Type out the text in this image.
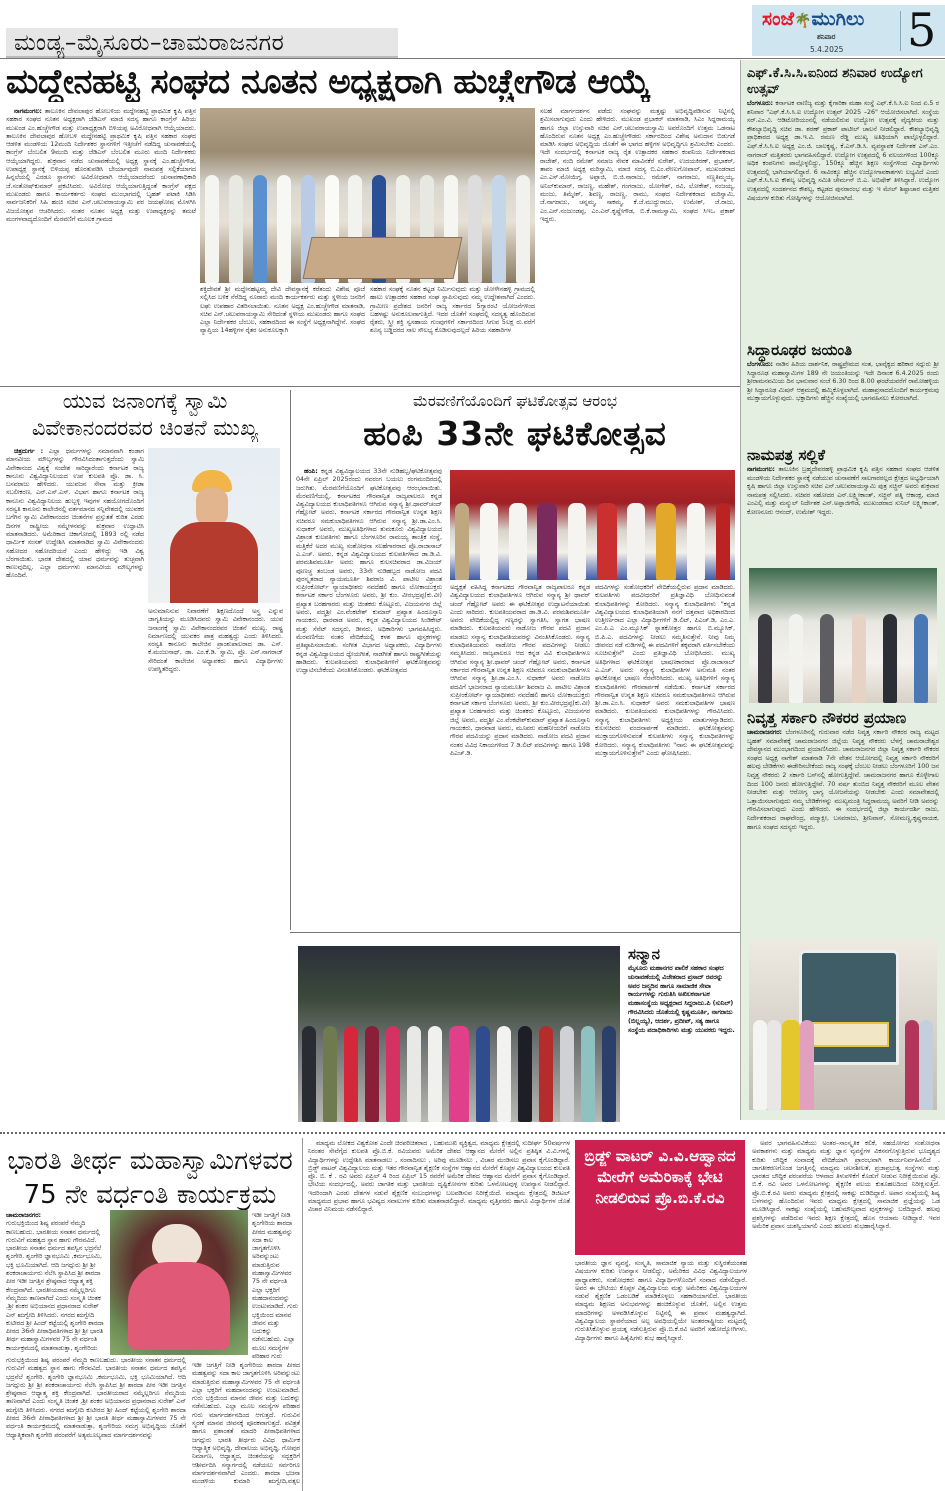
ಮಂಡ್ಯ–ಮೈಸೂರು–ಚಾಮರಾಜನಗರ
ಸಂಜೆ🌴ಮುಗಿಲು
ಶನಿವಾರ
5.4.2025 5
ಮದ್ದೇನಹಟ್ಟಿ ಸಂಘದ ನೂತನ ಅಧ್ಯಕ್ಷರಾಗಿ ಹುಚ್ಚೇಗೌಡ ಆಯ್ಕೆ

ನಾಗಮಂಗಲ: ತಾಲೂಕಿನ ದೇವಲಾಪುರ ಹೋಬಳಿಯ ಮದ್ದೇನಹಟ್ಟಿ ಪ್ರಾಥಮಿಕ ಕೃಷಿ ಪತ್ತಿನ ಸಹಕಾರ ಸಂಘದ ನೂತನ ಅಧ್ಯಕ್ಷರಾಗಿ ಜೆಡಿಎಸ್ ಮಾಜಿ ಸದಸ್ಯ ಹಾಗೂ ಕಾಂಗ್ರೆಸ್ ಹಿರಿಯ ಮುಖಂಡ ಎಂ.ಹುಚ್ಚೇಗೌಡ ಮತ್ತು ಉಪಾಧ್ಯಕ್ಷರಾಗಿ ಬಿಳಿಯಪ್ಪ ಅವಿರೋಧವಾಗಿ ಆಯ್ಕೆಯಾದರು. ತಾಲೂಕಿನ ದೇವಲಾಪುರ ಹೋಬಳಿ ಮದ್ದೇನಹಟ್ಟಿ ಪ್ರಾಥಮಿಕ ಕೃಷಿ ಪತ್ತಿನ ಸಹಕಾರ ಸಂಘದ ಆಡಳಿತ ಮಂಡಳಿಯ 12ಮಂದಿ ನಿರ್ದೇಶಕರ ಸ್ಥಾನಗಳಿಗೆ ಇತ್ತೀಚೆಗೆ ನಡೆದಿದ್ದ ಚುನಾವಣೆಯಲ್ಲಿ ಕಾಂಗ್ರೆಸ್ ಬೆಂಬಲಿತ 9ಮಂದಿ ಮತ್ತು ಜೆಡಿಎಸ್ ಬೆಂಬಲಿತ ಮೂರು ಮಂದಿ ನಿರ್ದೇಶಕರು ಆಯ್ಕೆಯಾಗಿದ್ದರು. ಶುಕ್ರವಾರ ನಡೆದ ಚುನಾವಣೆಯಲ್ಲಿ ಅಧ್ಯಕ್ಷ ಸ್ಥಾನಕ್ಕೆ ಎಂ.ಹುಚ್ಚೇಗೌಡ, ಉಪಾಧ್ಯಕ್ಷ ಸ್ಥಾನಕ್ಕೆ ಬಿಳಿಯಪ್ಪ ಹೊರತುಪಡಿಸಿ ಬೇರ್ಯಾವುದೇ ನಾಮಪತ್ರ ಸಲ್ಲಿಕೆಯಾಗದ ಹಿನ್ನಲೆಯಲ್ಲಿ ಎರಡೂ ಸ್ಥಾನಗಳು ಅವಿರೋಧವಾಗಿ ಆಯ್ಕೆಯಾದರೆಂದು ಚುನಾವಣಾಧಿಕಾರಿ ಜೆ.ಸಂತೋಷ್‌ಕುಮಾರ್ ಪ್ರಕಟಿಸಿದರು. ಅವಿರೋಧ ಆಯ್ಕೆಯಾಗುತ್ತಿದ್ದಂತೆ ಕಾಂಗ್ರೆಸ್ ಪಕ್ಷದ ಮುಖಂಡರು ಹಾಗೂ ಕಾರ್ಯಕರ್ತರು ಸಂಘದ ಮುಂಭಾಗದಲ್ಲಿ ಬೃಹತ್ ಪಟಾಕಿ ಸಿಡಿಸಿ ಸಾರ್ವಜನಿಕರಿಗೆ ಸಿಹಿ ಹಂಚಿ ಸಚಿವ ಎನ್.ಚಲುವರಾಯಸ್ವಾಮಿ ಪರ ಜಯಘೋಷ ಮೊಳಗಿಸಿ ವಿಜಯೋತ್ಸವ ಆಚರಿಸಿದರು. ನಂತರ ನೂತನ ಅಧ್ಯಕ್ಷ ಮತ್ತು ಉಪಾಧ್ಯಕ್ಷರನ್ನು ತಮಟೆ ಮಂಗಳವಾದ್ಯದೊಂದಿಗೆ ಮೆರವಣಿಗೆ ಮೂಲಕ ಗ್ರಾಮದ

ಶಕ್ತಿದೇವತೆ ಶ್ರೀ ಮದ್ದೇನಹಟ್ಟಮ್ಮ ದೇವಿ ದೇವಸ್ಥಾನಕ್ಕೆ ಕರೆತಂದು ವಿಶೇಷ ಪೂಜೆ ಸಲ್ಲಿಸಿದ ಬಳಿಕ ನೆರೆದಿದ್ದ ನೂರಾರು ಮಂದಿ ಕಾರ್ಯಕರ್ತರು ಮತ್ತು ಸ್ಥಳೀಯ ಜನರಿಗೆ ಲಘು ಉಪಹಾರ ವಿತರಿಸಲಾಯಿತು. ನೂತನ ಅಧ್ಯಕ್ಷ ಎಂ.ಹುಚ್ಚೇಗೌಡ ಮಾತನಾಡಿ, ಸಚಿವ ಎನ್.ಚಲುವರಾಯಸ್ವಾಮಿ ಸೇರಿದಂತೆ ಸ್ಥಳೀಯ ಮುಖಂಡರು ಹಾಗೂ ಸಂಘದ ಎಲ್ಲಾ ನಿರ್ದೇಶಕರ ಬೆಂಬಲ, ಸಹಕಾರದಿಂದ ಈ ಸಂಸ್ಥೆಗೆ ಅಧ್ಯಕ್ಷನಾಗಿದ್ದೇನೆ. ಸಂಘದ ವ್ಯಾಪ್ತಿಯ 14ಹಳ್ಳಿಗಳ ರೈತರ ಅನುಕೂಲಕ್ಕಾಗಿ
ಸಹಕಾರ ಸಂಘಕ್ಕೆ ನೂತನ ಕಟ್ಟಡ ನಿರ್ಮಿಸುವುದು ಮತ್ತು ಚೋಳೇನಹಳ್ಳಿ ಗ್ರಾಮದಲ್ಲಿ ಹಾಲು ಉತ್ಪಾದಕರ ಸಹಕಾರ ಸಂಘ ಸ್ಥಾಪಿಸುವುದು ನಮ್ಮ ಉದ್ದೇಶವಾಗಿದೆ ಎಂದರು. ಗ್ರಾಮೀಣ ಪ್ರದೇಶದ ಜನರಿಗೆ ರಾಜ್ಯ ಸರ್ಕಾರದ 5ಗ್ಯಾರಂಟಿ ಯೋಜನೆಗಳಿಂದ ಬಹಳಷ್ಟು ಅನುಕೂಲವಾಗುತ್ತಿದೆ. ಇದರ ಜೊತೆಗೆ ಸಂಘದಲ್ಲಿ ಸದಸ್ಯತ್ವ ಹೊಂದಿರುವ ರೈತರು, ಸ್ತ್ರೀ ಶಕ್ತಿ ಸ್ವಸಹಾಯ ಗುಂಪುಗಳಿಗೆ ಸರ್ಕಾರದಿಂದ ಸಿಗುವ 5ಲಕ್ಷ ರು.ವರೆಗೆ ಶೂನ್ಯ ಬಡ್ಡಿದರದ ಸಾಲ ಸೌಲಭ್ಯ ಕೊಡಿಸುವುದಲ್ಲದೆ ಹಿರಿಯ ಸಹಕಾರಿಗಳ
ಸಲಹೆ ಮಾರ್ಗದರ್ಶನ ಪಡೆದು ಸಂಘವನ್ನು ಮತ್ತಷ್ಟು ಅಭಿವೃದ್ಧಿಪಡಿಸುವ ನಿಟ್ಟಿನಲ್ಲಿ ಶ್ರಮಿಸಲಾಗುವುದು ಎಂದು ಹೇಳಿದರು. ಮುಖಂಡ ಪ್ರಭಾಕರ್ ಮಾತನಾಡಿ, ಸಿಎಂ ಸಿದ್ದರಾಮಯ್ಯ ಹಾಗೂ ಜಿಲ್ಲಾ ಉಸ್ತುವಾರಿ ಸಚಿವ ಎನ್.ಚಲುವರಾಯಸ್ವಾಮಿ ಅವರೊಂದಿಗೆ ಉತ್ತಮ ಒಡನಾಟ ಹೊಂದಿರುವ ನೂತನ ಅಧ್ಯಕ್ಷ ಎಂ.ಹುಚ್ಚೇಗೌಡರು ಸರ್ಕಾರದಿಂದ ವಿಶೇಷ ಅನುದಾನ ಬಿಡುಗಡೆ ಮಾಡಿಸಿ ಸಂಘದ ಅಭಿವೃದ್ಧಿಯ ಜೊತೆಗೆ ಈ ಭಾಗದ ಹಳ್ಳಿಗಳ ಅಭಿವೃದ್ಧಿಗೂ ಶ್ರಮಿಸಬೇಕು ಎಂದರು. ಇದೇ ಸಂದರ್ಭದಲ್ಲಿ ಕರ್ನಾಟಕ ರಾಜ್ಯ ರೈತ ಉತ್ಪಾದಕರ ಸಹಕಾರ ಕಂಪನಿಯ ನಿರ್ದೇಶಕರಾದ ರಾಜೇಶ್, ನಂದಿ ರಮೇಶ್ ಸಮಾಜ ಸೇವಕ ಮಾವಿನಕೆರೆ ಸುರೇಶ್, ಉದಯಕಿರಣ್, ಪ್ರಭಾಕರ್, ತಾಪಂ ಮಾಜಿ ಅಧ್ಯಕ್ಷ ಮರಿಸ್ವಾಮಿ, ಮಾಜಿ ಸದಸ್ಯ ಬಿ.ಎಂ.ವೇಣುಗೋಪಾಲ್, ಮುಖಂಡರಾದ ಎಂ.ಎಸ್.ಮೋಯಿಗ್ಗ, ಅಪ್ಪಾಜಿ, ಬಿ.ಜಿ.ನಾರಾಜು, ರಮೇಶ್, ನಾಗರಾಜು, ಸಣ್ಣತಿಮ್ಮಯ್ಯ, ಅನಿಲ್‌ಕುಮಾರ್, ರಾಜಣ್ಣ, ಮಹೇಶ್, ಗಂಗರಾಜು, ಯೋಗೇಶ್, ರವಿ, ಲೋಕೇಶ್, ನಂಜಯ್ಯ, ಮಂಜು, ತಿಮ್ಮೇಶ್, ಶಿವಣ್ಣ, ರಾಜಣ್ಣ, ರಾಮು, ಸಂಘದ ನಿರ್ದೇಶಕರಾದ ಮರಿಸ್ವಾಮಿ, ಜೆ.ನಾಗರಾಜು, ಚನ್ನಮ್ಮ, ಸಾಕಮ್ಮ, ಕೆ.ಜೆ.ಮುದ್ದುರಾಜು, ಉಮೇಶ್, ಜೆ.ರಾಜು, ಎಂ.ಎನ್.ನಂಜುಂಡಪ್ಪ, ಎಂ.ಎನ್.ಕೃಷ್ಣೇಗೌಡ, ಬಿ.ಕೆ.ರಾಮಸ್ವಾಮಿ, ಸಂಘದ ಸಿಇಒ ಪ್ರಕಾಶ್ ಇದ್ದರು.
ಎಫ್.ಕೆ.ಸಿ.ಸಿ.ಐನಿಂದ ಶನಿವಾರ ಉದ್ಯೋಗ ಉತ್ಸವ್
ಬೆಂಗಳೂರು: ಕರ್ನಾಟಕ ವಾಣಿಜ್ಯ ಮತ್ತು ಕೈಗಾರಿಕಾ ಮಹಾ ಸಂಸ್ಥೆ ಎಫ್.ಕೆ.ಸಿ.ಸಿ.ಐ ನಿಂದ ಏ.5 ರ ಶನಿವಾರ "ಎಫ್.ಕೆ.ಸಿ.ಸಿ.ಐ ಉದ್ಯೋಗ ಉತ್ಸವ್ 2025 –26" ಆಯೋಜಿಸಲಾಗಿದೆ. ಸಂಸ್ಥೆಯ ಸರ್.ಎಂ.ವಿ. ಆಡಿಟೋರಿಯಂನಲ್ಲಿ ನಡೆಯಲಿರುವ ಉದ್ಯೋಗ ಉತ್ಸವಕ್ಕೆ ವೈದ್ಯಕೀಯ ಮತ್ತು ಕೌಶಲ್ಯಾಭಿವೃದ್ಧಿ ಸಚಿವ ಡಾ. ಶರಣ್ ಪ್ರಕಾಶ್ ಪಾಟೀಲ್ ಚಾಲನೆ ನೀಡಲಿದ್ದಾರೆ. ಕೌಶಲ್ಯಾಭಿವೃದ್ಧಿ ಪ್ರಾಧಿಕಾರದ ಅಧ್ಯಕ್ಷ ಡಾ.ಇ.ವಿ. ರಮಣ ರೆಡ್ಡಿ ಮುಖ್ಯ ಅತಿಥಿಯಾಗಿ ಪಾಲ್ಗೊಳ್ಳಲಿದ್ದಾರೆ. ಎಫ್.ಕೆ.ಸಿ.ಸಿ.ಐ ಅಧ್ಯಕ್ಷ ಎಂ.ಜಿ. ಬಾಲಕೃಷ್ಣ, ಕೆ.ಎಸ್.ಡಿ.ಸಿ. ವ್ಯವಸ್ಥಾಪಕ ನಿರ್ದೇಶಕ ಎಸ್.ಎಂ. ನಾಗರಾಜ್ ಮತ್ತಿತರರು ಭಾಗವಹಿಸಲಿದ್ದಾರೆ. ಉದ್ಯೋಗ ಉತ್ಸವದಲ್ಲಿ 6 ವಲಯಗಳಿಂದ 100ಕ್ಕೂ ಅಧಿಕ ಕಂಪನಿಗಳು ಪಾಲ್ಗೊಳ್ಳಲಿದ್ದು, 150ಕ್ಕೂ ಹೆಚ್ಚಿನ ಶಿಕ್ಷಣ ಸಂಸ್ಥೆಗಳಿಂದ ವಿದ್ಯಾರ್ಥಿಗಳು ಉತ್ಸವದಲ್ಲಿ ಭಾಗಿಯಾಗಲಿದ್ದಾರೆ. 6 ಸಾವಿರಕ್ಕೂ ಹೆಚ್ಚಿನ ಉದ್ಯೋಗಾವಕಾಶಗಳು ಲಭ್ಯವಿದೆ ಎಂದು ಎಫ್.ಕೆ.ಸಿ.ಸಿ.ಐ ಕೌಶಲ್ಯ ಅಭಿವೃದ್ಧಿ ಸಮಿತಿ ಚೇರ್ಮನ್ ಬಿ.ಎ. ಅಭಿಷೇಕ್ ತಿಳಿಸಿದ್ದಾರೆ. ಉದ್ಯೋಗ ಉತ್ಸವದಲ್ಲಿ ಸಂದರ್ಶನದ ಕೌಶಲ್ಯ, ಕಟ್ಟಡದ ಪುನರಾರಂಭ ಮತ್ತು ಇ ಮೇಲ್ ಶಿಷ್ಟಾಚಾರ ಮತ್ತಿತರ ವಿಷಯಗಳ ಕುರಿತು ಗೋಷ್ಠಿಗಳನ್ನು ಆಯೋಜಿಸಲಾಗಿದೆ.
ಸಿದ್ಧಾರೂಢರ ಜಯಂತಿ
ಬೆಂಗಳೂರು: ನಾಡಿನ ಹಿರಿಯ ದಾರ್ಶನಿಕ, ರಾಷ್ಟ್ರಪ್ರೇಮದ ಸಂತ, ಭಾವೈಕ್ಯದ ಹರಿಕಾರ ಸದ್ಗುರು ಶ್ರೀ ಸಿದ್ಧಾರೂಢ ಮಹಾಸ್ವಾಮಿಗಳ 189 ನೇ ಜಯಂತಿಯನ್ನು ಇದೇ ದಿನಾಂಕ 6.4.2025 ರಂದು ಶ್ರೀರಾಮನವಮಿಯ ದಿನ ಭಾನುವಾರ ಸಂಜೆ 6.30 ರಿಂದ 8.00 ಘಂಟೆಯವರೆಗೆ ರಾಮೋಹಳ್ಳಿಯ ಶ್ರೀ ಸಿದ್ಧಾರೂಢ ಮಿಷನ್ ಆಶ್ರಮದಲ್ಲಿ ಹಮ್ಮಿಕೊಳ್ಳಲಾಗಿದೆ. ಮಹಾಪ್ರಸಾದದೊಂದಿಗೆ ಕಾರ್ಯಕ್ರಮವು ಮುಕ್ತಾಯಗೊಳ್ಳುವುದು. ಭಕ್ತಾದಿಗಳು ಹೆಚ್ಚಿನ ಸಂಖ್ಯೆಯಲ್ಲಿ ಭಾಗವಹಿಸಲು ಕೋರಲಾಗಿದೆ.
ನಾಮಪತ್ರ ಸಲ್ಲಿಕೆ
ನಾಗಮಂಗಲ: ತಾಲೂಕಿನ ಬ್ರಹ್ಮದೇವರಹಳ್ಳಿ ಪ್ರಾಥಮಿಕ ಕೃಷಿ ಪತ್ತಿನ ಸಹಕಾರ ಸಂಘದ ಆಡಳಿತ ಮಂಡಳಿಯ ನಿರ್ದೇಶಕರ ಸ್ಥಾನಕ್ಕೆ ನಡೆಯುವ ಚುನಾವಣೆಗೆ ಸಾಲಗಾರರಲ್ಲದ ಕ್ಷೇತ್ರದ ಅಭ್ಯರ್ಥಿಯಾಗಿ ಕೃಷಿ ಹಾಗೂ ಜಿಲ್ಲಾ ಉಸ್ತುವಾರಿ ಸಚಿವ ಎನ್.ಚಲುವರಾಯಸ್ವಾಮಿ ಪುತ್ರ ಸಚ್ಚಿನ್ ಅವರು ಶುಕ್ರವಾರ ನಾಮಪತ್ರ ಸಲ್ಲಿಸಿದರು. ಸಚಿವರ ಸಹೋದರ ಎನ್.ಲಕ್ಷ್ಮೀಕಾಂತ್, ಸಚ್ಚಿನ್ ಪತ್ನಿ ಆಕಾಂಕ್ಷ, ಮಾಜಿ ಎಂಎಲ್ಸಿ ಮತ್ತು ಮನ್ಮುಲ್ ನಿರ್ದೇಶಕ ಎನ್.ಅಪ್ಪಾಜಿಗೌಡ, ಮುಖಂಡರಾದ ಸುನಿಲ್ ಲಕ್ಷ್ಮೀಕಾಂತ್, ಕೋಣನೂರು ಆನಂದ್, ಉಮೇಶ್ ಇದ್ದರು.
ನಿವೃತ್ತ ಸರ್ಕಾರಿ ನೌಕರರ ಪ್ರಯಾಣ
ಚಾಮರಾಜನಗರ: ಬೆಂಗಳೂರಿನಲ್ಲಿ ಗುರುವಾರ ನಡೆದ ನಿವೃತ್ತ ಸರ್ಕಾರಿ ನೌಕರರ ರಾಜ್ಯ ಮಟ್ಟದ ಬೃಹತ್ ಸಮಾವೇಶಕ್ಕೆ ಚಾಮರಾಜನಗರ ಜಿಲ್ಲೆಯ ನಿವೃತ್ತ ನೌಕರರು ಬೆಳಗ್ಗೆ ಚಾಮರಾಜೇಶ್ವರ ದೇವಸ್ಥಾನದ ಮುಂಭಾಗದಿಂದ ಪ್ರಯಾಣಿಸಿದರು. ಚಾಮರಾಜನಗರ ಜಿಲ್ಲಾ ನಿವೃತ್ತ ಸರ್ಕಾರಿ ನೌಕರರ ಸಂಘದ ಅಧ್ಯಕ್ಷ ನಾಗೇಶ್ ಮಾತನಾಡಿ 7ನೇ ವೇತನ ಆಯೋಗದಲ್ಲಿ ನಿವೃತ್ತ ಸರ್ಕಾರಿ ನೌಕರರಿಗೆ ಹಲವು ಬೇಡಿಕೆಗಳು ಈಡೇರಿಸಬೇಕೆಂದು ರಾಜ್ಯ ಸಂಘಕ್ಕೆ ಬೆಂಬಲ ನೀಡಲು ಬೆಂಗಳೂರಿಗೆ 100 ಜನ ನಿವೃತ್ತ ನೌಕರರು 2 ಸರ್ಕಾರಿ ಬಸ್‌ನಲ್ಲಿ ಹೋಗುತ್ತಿದ್ದೇವೆ. ಚಾಮರಾಜನಗರ ಹಾಗೂ ಕೊಳ್ಳೇಗಾಲ ದಿಂದ 100 ಜನರು ಹೋಗುತ್ತಿದ್ದೇವೆ. 70 ವರ್ಷ ತುಂಬಿದ ನಿವೃತ್ತ ನೌಕರರಿಗೆ ಮೂಲ ವೇತನ ನೀಡಬೇಕು ಮತ್ತು ಆರೋಗ್ಯ ಭಾಗ್ಯ ಯೋಜನೆಯನ್ನು ನೀಡಬೇಕು ಎಂದು ಸಮಾವೇಶದಲ್ಲಿ ಒತ್ತಾಯಿಸಲಾಗುವುದು ನಮ್ಮ ಬೇಡಿಕೆಗಳನ್ನು ಮುಖ್ಯಮಂತ್ರಿ ಸಿದ್ದರಾಮಯ್ಯ ಅವರಿಗೆ ನೀಡಿ ಅವರನ್ನು ಗೌರವಿಸಲಾಗುವುದು ಎಂದು ಹೇಳಿದರು. ಈ ಸಂದರ್ಭದಲ್ಲಿ ಜಿಲ್ಲಾ ಕಾರ್ಯದರ್ಶಿ ರಾಜು, ನಿರ್ದೇಶಕರಾದ ರಾಘವೇಂದ್ರ, ಪದ್ಮಾಕ್ಷೀ, ಬಸವರಾಜು, ಶ್ರೀನಿವಾಸ್, ಸೋಮಣ್ಣ,ಕೃಷ್ಣನಾಯಕ, ಹಾಗೂ ಸಂಘದ ಸದಸ್ಯರು ಇದ್ದರು.
ಯುವ ಜನಾಂಗಕ್ಕೆ ಸ್ವಾಮಿ ವಿವೇಕಾನಂದರವರ ಚಿಂತನೆ ಮುಖ್ಯ

ಚಿತ್ರದುರ್ಗ : ಎಲ್ಲಾ ಧರ್ಮಗಳನ್ನು ಸಮಾನವಾಗಿ ಕಂಡಾಗ ಮಾನವೀಯ ಮೌಲ್ಯಗಳನ್ನು ಗೌರವಿಸಿದಂತಾಗುತ್ತದೆಂದು ಸ್ವಾಮಿ ವಿವೇಕಾನಂದ ವಿಶ್ವಕ್ಕೆ ಸಂದೇಶ ಸಾರಿದ್ದಾರೆಂದು ಕರ್ನಾಟಕ ರಾಜ್ಯ ಕಾನೂನು ವಿಶ್ವವಿದ್ಯಾನಿಲಯದ ಉಪ ಕುಲಪತಿ ಪ್ರೊ. ಡಾ. ಸಿ. ಬಸವರಾಜು ಹೇಳಿದರು. ಯುವಜನ ಸೇವಾ ಮತ್ತು ಕ್ರೀಡಾ ಸಬಲೀಕರಣ, ಎನ್.ಎಸ್.ಎಸ್. ವಿಭಾಗ ಹಾಗೂ ಕರ್ನಾಟಕ ರಾಜ್ಯ ಕಾನೂನು ವಿಶ್ವವಿದ್ಯಾನಿಲಯ ಹುಬ್ಬಳ್ಳಿ ಇವುಗಳ ಸಹಯೋಗದೊಂದಿಗೆ ಸರಸ್ವತಿ ಕಾನೂನು ಕಾಲೇಜಿನಲ್ಲಿ ವರ್ತಮಾನದ ಸನ್ನಿವೇಶದಲ್ಲಿ ಯುವಕರ ಬಗೆಗಿನ ಸ್ವಾಮಿ ವಿವೇಕಾನಂದರ ಚಿಂತನೆಗಳ ಪ್ರಸ್ತುತತೆ ಕುರಿತ ಎರಡು ದಿನಗಳ ರಾಷ್ಟ್ರೀಯ ಸಮ್ಮೇಳನವನ್ನು ಶುಕ್ರವಾರ ಉದ್ಘಾಟಿಸಿ ಮಾತನಾಡಿದರು. ಅಮೆರಿಕಾದ ಚಿಕಾಗೋದಲ್ಲಿ 1893 ರಲ್ಲಿ ನಡೆದ ಧಾರ್ಮಿಕ ಸಂಸತ್ ಉದ್ದೇಶಿಸಿ ಮಾತನಾಡಿದ ಸ್ವಾಮಿ ವಿವೇಕಾನಂದರು ಸಹೋದರ ಸಹೋದರಿಯರೆ ಎಂದು ಹೇಳಿದ್ದು ಇಡಿ ವಿಶ್ವ ಬೆರಗಾಯಿತು. ಭಾರತ ದೇಶದಲ್ಲಿ ಯಾವ ಧರ್ಮವನ್ನು ತುಚ್ಛವಾಗಿ ಕಾಣುವುದಿಲ್ಲ. ಎಲ್ಲಾ ಧರ್ಮಗಳು ಮಾನವೀಯ ಮೌಲ್ಯಗಳನ್ನು ಹೊಂದಿವೆ.

ಅನುಮಾನಿಸುವ ನಿವಾರಣೆಗೆ ಶಿಕ್ಷಣದೊಂದೆ ಅಸ್ತ್ರ ಎನ್ನುವ ಜಾಗೃತಿಯನ್ನು ಮೂಡಿಸಿದವರು ಸ್ವಾಮಿ ವಿವೇಕಾನಂದರು. ಯುವ ಜನಾಂಗಕ್ಕೆ ಸ್ವಾಮಿ ವಿವೇಕಾನಂದರವರ ಚಿಂತನೆ ಮುಖ್ಯ. ರಾಷ್ಟ್ರ ನಿರ್ಮಾಣದಲ್ಲಿ ಯುವಕರ ಪಾತ್ರ ಮಹತ್ವದ್ದು ಎಂದು ತಿಳಿಸಿದರು. ಸರಸ್ವತಿ ಕಾನೂನು ಕಾಲೇಜಿನ ಪ್ರಾಂಶುಪಾಲರಾದ ಡಾ. ಎಸ್. ಕೆ.ಮಂಜುನಾಥ್, ಡಾ. ಎಂ.ಕೆ.ಡಿ. ಸ್ವಾಮಿ, ಪ್ರೊ. ಎನ್.ನಾಗರಾಜ್ ಸೇರಿದಂತೆ ಕಾಲೇಜಿನ ಅಧ್ಯಾಪಕರು ಹಾಗೂ ವಿದ್ಯಾರ್ಥಿಗಳು ಉಪಸ್ಥಿತರಿದ್ದರು.
ಮೆರವಣಿಗೆಯೊಂದಿಗೆ ಘಟಿಕೋತ್ಸವ ಆರಂಭ
ಹಂಪಿ 33ನೇ ಘಟಿಕೋತ್ಸವ

ಹಂಪಿ: ಕನ್ನಡ ವಿಶ್ವವಿದ್ಯಾಲಯದ 33ನೇ ನುಡಿಹಬ್ಬ/ಘಟಿಕೋತ್ಸವವು 04ನೇ ಏಪ್ರಿಲ್ 2025ರಂದು ನವರಂಗ ಬಯಲು ರಂಗಮಂದಿರದಲ್ಲಿ ಜರುಗಿತು. ಮೆರವಣಿಗೆಯೊಂದಿಗೆ ಘಟಿಕೋತ್ಸವವು ಆರಂಭವಾಯಿತು. ಮೆರವಣಿಗೆಯಲ್ಲಿ, ಕರ್ನಾಟಕದ ಗೌರವಾನ್ವಿತ ರಾಜ್ಯಪಾಲರೂ ಕನ್ನಡ ವಿಶ್ವವಿದ್ಯಾಲಯದ ಕುಲಾಧಿಪತಿಗಳೂ ಆಗಿರುವ ಸನ್ಮಾನ್ಯ ಶ್ರೀ.ಥಾವರ್‌ಚಂದ್ ಗೆಹ್ಲೋಟ್ ಅವರು, ಕರ್ನಾಟಕ ಸರ್ಕಾರದ ಗೌರವಾನ್ವಿತ ಉನ್ನತ ಶಿಕ್ಷಣ ಸಚಿವರೂ ಸಮಕುಲಾಧಿಪತಿಗಳೂ ಆಗಿರುವ ಸನ್ಮಾನ್ಯ ಶ್ರೀ.ಡಾ.ಎಂ.ಸಿ. ಸುಧಾಕರ್ ಅವರು, ಮುಖ್ಯಅತಿಥಿಗಳಾದ ತುಮಕೂರು ವಿಶ್ವವಿದ್ಯಾಲಯದ ವಿಶ್ರಾಂತ ಕುಲಪತಿಗಳು ಹಾಗೂ ಬೆಂಗಳೂರಿನ ರಾಮಯ್ಯ ತಾಂತ್ರಿಕ ಸಂಸ್ಥೆ, ಮತ್ತಿಕೆರೆ ಅದರ ಮುಖ್ಯ ಸಂಶೋಧನಾ ಸಲಹೆಗಾರರಾದ ಪ್ರೊ.ರಾಜಾಸಾಬ್ ಎ.ಎಚ್. ಅವರು, ಕನ್ನಡ ವಿಶ್ವವಿದ್ಯಾಲಯದ ಕುಲಪತಿಗಳಾದ ಡಾ.ಡಿ.ವಿ. ಪರಮಶಿವಮೂರ್ತಿ ಅವರು ಹಾಗೂ ಕುಲಸಚಿವರಾದ ಡಾ.ವಿಜಯ್ ಪೂಣಚ್ಚ ತಂಬಂಡ ಅವರು, 33ನೇ ನುಡಿಹಬ್ಬದ ನಾಡೋಜ ಪದವಿ ಪುರಸ್ಕೃತರಾದ ನ್ಯಾಯಮೂರ್ತಿ ಶಿವರಾಜ ವಿ. ಪಾಟೀಲ ವಿಶ್ರಾಂತ ಸುಪ್ರೀಂಕೋರ್ಟ್ ನ್ಯಾಯಾಧೀಶರು ನವದೆಹಲಿ ಹಾಗೂ ಲೋಕಾಯುಕ್ತರು ಕರ್ನಾಟಕ ಸರ್ಕಾರ ಬೆಂಗಳೂರು ಅವರು, ಶ್ರೀ ಕುಂ. ವೀರಭದ್ರಪ್ಪ(ಕು.ವೀ) ಪ್ರಖ್ಯಾತ ಬರಹಗಾರರು ಮತ್ತು ಚಿಂತಕರು ಕೊಟ್ಟೂರು, ವಿಜಯನಗರ ಜಿಲ್ಲೆ ಅವರು, ಪದ್ಮಶ್ರೀ ಎಂ.ವೆಂಕಟೇಶ್ ಕುಮಾರ್ ಪ್ರಖ್ಯಾತ ಹಿಂದೂಸ್ತಾನಿ ಗಾಯಕರು, ಧಾರವಾಡ ಅವರು, ಕನ್ನಡ ವಿಶ್ವವಿದ್ಯಾಲಯದ ಸಿಂಡಿಕೇಟ್ ಮತ್ತು ಸೆನೆಟ್ ಸದಸ್ಯರು, ಡೀನರು, ಅಧಿಕಾರಿಗಳು ಭಾಗವಹಿಸಿದ್ದರು. ಮೆರವಣಿಗೆಯ ನಂತರ ವೇದಿಕೆಯಲ್ಲಿ ಕಳಶ ಹಾಗೂ ಪುಸ್ತಕಗಳನ್ನು ಪ್ರತಿಷ್ಠಾಪಿಸಲಾಯಿತು. ಸಂಗೀತ ವಿಭಾಗದ ಅಧ್ಯಾಪಕರು, ವಿದ್ಯಾರ್ಥಿಗಳು ಕನ್ನಡ ವಿಶ್ವವಿದ್ಯಾಲಯದ ಧ್ಯೇಯಗೀತೆ, ನಾಡಗೀತೆ ಹಾಗೂ ರಾಷ್ಟ್ರಗೀತೆಯನ್ನು ಹಾಡಿದರು. ಕುಲಪತಿಯವರು ಕುಲಾಧಿಪತಿಗಳಿಗೆ ಘಟಿಕೋತ್ಸವವನ್ನು ಉದ್ಘಾಟಿಸಬೇಕೆಂದು ವಿನಂತಿಸಿಕೊಂಡರು. ಘಟಿಕೋತ್ಸವದ

ಅಧ್ಯಕ್ಷತೆ ವಹಿಸಿದ್ದ ಕರ್ನಾಟಕದ ಗೌರವಾನ್ವಿತ ರಾಜ್ಯಪಾಲರೂ ಕನ್ನಡ ವಿಶ್ವವಿದ್ಯಾಲಯದ ಕುಲಾಧಿಪತಿಗಳೂ ಆಗಿರುವ ಸನ್ಮಾನ್ಯ ಶ್ರೀ ಥಾವರ್ ಚಂದ್ ಗೆಹ್ಲೋಟ್ ಅವರು ಈ ಘಟಿಕೋತ್ಸವ ಉದ್ಘಾಟನೆಯಾಯಿತು ಎಂದು ಸಾರಿದರು. ಕುಲಪತಿಯವರಾದ ಡಾ.ಡಿ.ವಿ. ಪರಮಶಿವಮೂರ್ತಿ ಅವರು ವೇದಿಕೆಯಲ್ಲಿದ್ದ ಗಣ್ಯರನ್ನು ಸ್ವಾಗತಿಸಿ, ಸ್ವಾಗತ ಭಾಷಣ ಮಾಡಿದರು. ಕುಲಪತಿಯವರು ನಾಡೋಜ ಗೌರವ ಪದವಿ ಪ್ರದಾನ ಮಾಡಲು ಸನ್ಮಾನ್ಯ ಕುಲಾಧಿಪತಿಯವರನ್ನು ವಿನಂತಿಸಿಕೊಂಡರು. ಸನ್ಮಾನ್ಯ ಕುಲಾಧಿಪತಿಯವರು ನಾಡೋಜ ಗೌರವ ಪದವಿಗಳನ್ನು ನೀಡಲು ಸಮ್ಮತಿಸಿದರು. ರಾಜ್ಯಪಾಲರೂ ಆದ ಕನ್ನಡ ವಿವಿ ಕುಲಾಧಿಪತಿಗಳೂ ಆಗಿರುವ ಸನ್ಮಾನ್ಯ ಶ್ರೀ.ಥಾವರ್ ಚಂದ್ ಗೆಹ್ಲೋಟ್ ಅವರು, ಕರ್ನಾಟಕ ಸರ್ಕಾರದ ಗೌರವಾನ್ವಿತ ಉನ್ನತ ಶಿಕ್ಷಣ ಸಚಿವರೂ ಸಮಕುಲಾಧಿಪತಿಗಳೂ ಆಗಿರುವ ಸನ್ಮಾನ್ಯ ಶ್ರೀ.ಡಾ.ಎಂ.ಸಿ. ಸುಧಾಕರ್ ಅವರು ನಾಡೋಜ ಪದವಿಗೆ ಭಾಜನರಾದ ನ್ಯಾಯಮೂರ್ತಿ ಶಿವರಾಜ ವಿ. ಪಾಟೀಲ ವಿಶ್ರಾಂತ ಸುಪ್ರೀಂಕೋರ್ಟ್ ನ್ಯಾಯಾಧೀಶರು ನವದೆಹಲಿ ಹಾಗೂ ಲೋಕಾಯುಕ್ತರು ಕರ್ನಾಟಕ ಸರ್ಕಾರ ಬೆಂಗಳೂರು ಅವರು, ಶ್ರೀ ಕುಂ.ವೀರಭದ್ರಪ್ಪ(ಕು.ವೀ) ಪ್ರಖ್ಯಾತ ಬರಹಗಾರರು ಮತ್ತು ಚಿಂತಕರು ಕೊಟ್ಟೂರು, ವಿಜಯನಗರ ಜಿಲ್ಲೆ ಅವರು, ಪದ್ಮಶ್ರೀ ಎಂ.ವೆಂಕಟೇಶ್‌ಕುಮಾರ್ ಪ್ರಖ್ಯಾತ ಹಿಂದೂಸ್ತಾನಿ ಗಾಯಕರು, ಧಾರವಾಡ ಅವರು, ಮೂವರು ಮಹನೀಯರಿಗೆ ನಾಡೋಜ ಗೌರವ ಪದವಿಯನ್ನು ಪ್ರದಾನ ಮಾಡಿದರು. ನಾಡೋಜ ಪದವಿ ಪ್ರದಾನ ನಂತರ ವಿವಿಧ ನಿಕಾಯಗಳಿಂದ 7 ಡಿ.ಲಿಟ್ ಪದವಿಗಳನ್ನು ಹಾಗೂ 198 ಪಿಎಚ್.ಡಿ.
ಪದವಿಗಳನ್ನು ಸಂಶೋಧಕರಿಗೆ ವೇದಿಕೆಯಲ್ಲಿರುವ ಪ್ರದಾನ ಮಾಡಿದರು. ಕುಲಪತಿಗಳು ಪದವೀಧರರಿಗೆ ಪ್ರತಿಜ್ಞಾವಿಧಿ ಬೋಧಿಸುವಂತೆ ಕುಲಾಧಿಪತಿಗಳನ್ನು ಕೋರಿದರು. ಸನ್ಮಾನ್ಯ ಕುಲಾಧಿಪತಿಗಳು "ಕನ್ನಡ ವಿಶ್ವವಿದ್ಯಾಲಯದ ಕುಲಾಧಿಪತಿಯಾಗಿ ನನಗೆ ದತ್ತವಾದ ಅಧಿಕಾರದಿಂದ ಉತ್ತೀರ್ಣರಾದ ಎಲ್ಲಾ ವಿದ್ಯಾರ್ಥಿಗಳಿಗೆ ಡಿ.ಲಿಟ್, ಪಿಎಚ್.ಡಿ, ಎಂ.ಎ. ಎಂ.ಪಿ.ಎ ಎಂ.ಮ್ಯೂಸಿಕ್ ಸ್ನಾತಕೋತ್ತರ ಹಾಗೂ ಬಿ.ಮ್ಯೂಸಿಕ್, ಬಿ.ಪಿ.ಎ. ಪದವಿಗಳನ್ನು ನೀಡಲು ಸಮ್ಮತಿಸುತ್ತೇನೆ. ನೀವು ನಿಮ್ಮ ಜೀವನದ ನಡೆ ನುಡಿಗಳಲ್ಲಿ ಈ ಪದವಿಗಳಿಗೆ ತಕ್ಕವರಾಗಿ ವರ್ತಿಸಬೇಕೆಂದು ಸೂಚಿಸುತ್ತೇನೆ" ಎಂದು ಪ್ರತಿಜ್ಞಾವಿಧಿ ಬೋಧಿಸಿದರು. ಮುಖ್ಯ ಅತಿಥಿಗಳಾದ ಘಟಿಕೋತ್ಸವ ಭಾಷಣಕಾರರಾದ ಪ್ರೊ.ರಾಜಾಸಾಬ್ ಎ.ಎಚ್. ಅವರು ಸನ್ಮಾನ್ಯ ಕುಲಾಧಿಪತಿಗಳ ಅನುಮತಿ ನಂತರ ಘಟಿಕೋತ್ಸವ ಭಾಷಣ ನೆರವೇರಿಸಿದರು. ಮುಖ್ಯ ಅತಿಥಿಗಳಿಗೆ ಸನ್ಮಾನ್ಯ ಕುಲಾಧಿಪತಿಗಳು ಗೌರವಾರ್ಪಣೆ ನಡೆಯಿತು. ಕರ್ನಾಟಕ ಸರ್ಕಾರದ ಗೌರವಾನ್ವಿತ ಉನ್ನತ ಶಿಕ್ಷಣ ಸಚಿವರೂ ಸಮಕುಲಾಧಿಪತಿಗಳೂ ಆಗಿರುವ ಶ್ರೀ.ಡಾ.ಎಂ.ಸಿ. ಸುಧಾಕರ್ ಅವರು ಸಮಕುಲಾಧಿಪತಿಗಳ ಭಾಷಣ ಮಾಡಿದರು. ಕುಲಪತಿಯವರು ಕುಲಾಧಿಪತಿಗಳನ್ನು ಗೌರವಿಸಿದರು. ಸನ್ಮಾನ್ಯ ಕುಲಾಧಿಪತಿಗಳು ಅಧ್ಯಕ್ಷೀಯ ಮಾತುಗಳನ್ನಾಡಿದರು. ಕುಲಸಚಿವರು ವಂದನಾರ್ಪಣೆ ಮಾಡಿದರು. ಘಟಿಕೋತ್ಸವವನ್ನು ಮುಕ್ತಾಯಗೊಳಿಸುವಂತೆ ಕುಲಪತಿಗಳು ಸನ್ಮಾನ್ಯ ಕುಲಾಧಿಪತಿಗಳನ್ನು ಕೋರಿದರು. ಸನ್ಮಾನ್ಯ ಕುಲಾಧಿಪತಿಗಳು "ನಾನು ಈ ಘಟಿಕೋತ್ಸವವನ್ನು ಮುಕ್ತಾಯಗೊಳಿಸುತ್ತೇನೆ" ಎಂದು ಘೋಷಿಸಿದರು.
ಸನ್ಮಾನ
ಮೈಸೂರು ಮಹಾನಗರ ಪಾಲಿಕೆ ಸಹಕಾರ ಸಂಘದ ಚುನಾವಣೆಯಲ್ಲಿ ವಿಜೇತರಾದ ಪ್ರಸಾದ್ ರವರನ್ನು ಅವರ ಜನ್ಮದಿನ ಹಾಗೂ ಸಾಮಾಜಿಕ ಸೇವಾ ಕಾರ್ಯಗಳನ್ನು ಗುರುತಿಸಿ ಅಖಿಲಕರ್ನಾಟಕ ಮಹಾಸಂಸ್ಥೆಯ ಅಧ್ಯಕ್ಷರಾದ ಸಿದ್ದರಾಜು.ಪಿ (ಸುನಿಲ್) ಗೌರವಿಸಿದರು ಜೊತೆಯಲ್ಲಿ ಕೃಷ್ಣಮೂರ್ತಿ, ನಾಗರಾಜು (ಬಿಲ್ಲಯ್ಯ), ಆದರ್ಶ, ಪ್ರದೀಪ್, ಸತ್ಯ ಹಾಗೂ ಸಂಸ್ಥೆಯ ಪದಾಧಿಕಾರಿಗಳು ಮತ್ತು ಯುವಕರು ಇದ್ದರು.
ಭಾರತಿ ತೀರ್ಥ ಮಹಾಸ್ವಾಮಿಗಳವರ 75 ನೇ ವರ್ಧಂತಿ ಕಾರ್ಯಕ್ರಮ
ಚಾಮರಾಜನಗರ:
ಗುರುಭಕ್ತಿಯಿಂದ ಶಿಷ್ಯ ಪರಂಪರೆ ನೆಮ್ಮದಿ ಕಾಣಬಹುದು. ಭಾರತೀಯ ಸನಾತನ ಧರ್ಮದಲ್ಲಿ ಗುರುವಿಗೆ ಮಹತ್ವದ ಸ್ಥಾನ ಹಾಗು ಗೌರವವಿದೆ. ಭಾರತೀಯ ಸನಾತನ ಧರ್ಮದ ತಪಸ್ವಿನ ಭದ್ರನೆಲೆ ಶೃಂಗೇರಿ. ಶೃಂಗೇರಿ ಜ್ಞಾನಭೂಮಿ ,ಕರ್ಮಭೂಮಿ, ಭಕ್ತಿ ಭೂಮಿಯಾಗಿದೆ. ಆದಿ ಜಗದ್ಗುರು ಶ್ರೀ ಶ್ರೀ ಶಂಕರಾಚಾರ್ಯರು ನೆಲೆಸಿ ಸ್ಥಾಪಿಸಿದ ಶ್ರೀ ಶಾರದಾ ಪೀಠ ಇಡೀ ಜಗತ್ತಿನ ಶ್ರೇಷ್ಠವಾದ ಆಧ್ಯಾತ್ಮ ಶಕ್ತಿ ಕೇಂದ್ರವಾಗಿದೆ. ಭಾರತೀಯರಾದ ನಮ್ಮೆಲ್ಲರಿಗೂ ನೆಮ್ಮದಿಯ ತಾಣವಾಗಿದೆ ಎಂದು ಸಂಸ್ಕೃತಿ ಚಿಂತಕ ,ಶ್ರೀ ಶಂಕರ ಅಭಿಯಾನದ ಪ್ರಧಾನರಾದ ಸುರೇಶ್ ಎನ್ ಋಗ್ವೇದಿ ತಿಳಿಸಿದರು. ನಗರದ ಋಗ್ವೇದಿ ಕುಟೀರದ ಶ್ರೀ ಹಿಂದ್ ಕಟ್ಟೆಯಲ್ಲಿ ಶೃಂಗೇರಿ ಶಾರದಾ ಪೀಠದ 36ನೇ ಪೀಠಾಧಿಪತಿಗಳಾದ ಶ್ರೀ ಶ್ರೀ ಭಾರತಿ ತೀರ್ಥ ಮಹಾಸ್ವಾಮಿಗಳವರ 75 ನೇ ವರ್ಧಂತಿ ಕಾರ್ಯಕ್ರಮದಲ್ಲಿ ಮಾತನಾಡುತ್ತಾ, ಶೃಂಗೇರಿಯ
ಗುರುಭಕ್ತಿಯಿಂದ ಶಿಷ್ಯ ಪರಂಪರೆ ನೆಮ್ಮದಿ ಕಾಣಬಹುದು. ಭಾರತೀಯ ಸನಾತನ ಧರ್ಮದಲ್ಲಿ ಗುರುವಿಗೆ ಮಹತ್ವದ ಸ್ಥಾನ ಹಾಗು ಗೌರವವಿದೆ. ಭಾರತೀಯ ಸನಾತನ ಧರ್ಮದ ತಪಸ್ವಿನ ಭದ್ರನೆಲೆ ಶೃಂಗೇರಿ. ಶೃಂಗೇರಿ ಜ್ಞಾನಭೂಮಿ ,ಕರ್ಮಭೂಮಿ, ಭಕ್ತಿ ಭೂಮಿಯಾಗಿದೆ. ಆದಿ ಜಗದ್ಗುರು ಶ್ರೀ ಶ್ರೀ ಶಂಕರಾಚಾರ್ಯರು ನೆಲೆಸಿ ಸ್ಥಾಪಿಸಿದ ಶ್ರೀ ಶಾರದಾ ಪೀಠ ಇಡೀ ಜಗತ್ತಿನ ಶ್ರೇಷ್ಠವಾದ ಆಧ್ಯಾತ್ಮ ಶಕ್ತಿ ಕೇಂದ್ರವಾಗಿದೆ. ಭಾರತೀಯರಾದ ನಮ್ಮೆಲ್ಲರಿಗೂ ನೆಮ್ಮದಿಯ ತಾಣವಾಗಿದೆ ಎಂದು ಸಂಸ್ಕೃತಿ ಚಿಂತಕ ,ಶ್ರೀ ಶಂಕರ ಅಭಿಯಾನದ ಪ್ರಧಾನರಾದ ಸುರೇಶ್ ಎನ್ ಋಗ್ವೇದಿ ತಿಳಿಸಿದರು. ನಗರದ ಋಗ್ವೇದಿ ಕುಟೀರದ ಶ್ರೀ ಹಿಂದ್ ಕಟ್ಟೆಯಲ್ಲಿ ಶೃಂಗೇರಿ ಶಾರದಾ ಪೀಠದ 36ನೇ ಪೀಠಾಧಿಪತಿಗಳಾದ ಶ್ರೀ ಶ್ರೀ ಭಾರತಿ ತೀರ್ಥ ಮಹಾಸ್ವಾಮಿಗಳವರ 75 ನೇ ವರ್ಧಂತಿ ಕಾರ್ಯಕ್ರಮದಲ್ಲಿ ಮಾತನಾಡುತ್ತಾ, ಶೃಂಗೇರಿಯ ಸಮಗ್ರ ಅಭಿವೃದ್ಧಿಯ ಜೊತೆಗೆ ಆಧ್ಯಾತ್ಮಿಕವಾಗಿ ಶೃಂಗೇರಿ ಪರಂಪರೆಗೆ ಅತ್ಯಮೂಲ್ಯವಾದ ಮಾರ್ಗದರ್ಶನವನ್ನು
ಇಡೀ ಜಗತ್ತಿಗೆ ನೀಡಿ ಶೃಂಗೇರಿಯ ಶಾರದಾ ಪೀಠದ ಮಹತ್ವವನ್ನು ಸದಾ ಕಾಲ ಜಾಗೃತಗೊಳಿಸಿ ಅರಿವನ್ನುಂಟು ಮಾಡುತ್ತಿರುವ ಮಹಾಸ್ವಾಮಿಗಳವರ 75 ನೇ ವರ್ಧಂತಿ ಎಲ್ಲಾ ಭಕ್ತರಿಗೆ ಮಹದಾನಂದವನ್ನು ಉಂಟುಮಾಡಿದೆ. ಗುರು ಭಕ್ತಿಯಿಂದ ಮಾನವ ಜೀವನ ಮತ್ತು ಬದುಕನ್ನು ನಡೆಸಬಹುದು. ಎಲ್ಲಾ ಮೂಲ ಸಮಸ್ಯೆಗಳ ಪರಿಹಾರ ಗುರು
ಇಡೀ ಜಗತ್ತಿಗೆ ನೀಡಿ ಶೃಂಗೇರಿಯ ಶಾರದಾ ಪೀಠದ ಮಹತ್ವವನ್ನು ಸದಾ ಕಾಲ ಜಾಗೃತಗೊಳಿಸಿ ಅರಿವನ್ನುಂಟು ಮಾಡುತ್ತಿರುವ ಮಹಾಸ್ವಾಮಿಗಳವರ 75 ನೇ ವರ್ಧಂತಿ ಎಲ್ಲಾ ಭಕ್ತರಿಗೆ ಮಹದಾನಂದವನ್ನು ಉಂಟುಮಾಡಿದೆ. ಗುರು ಭಕ್ತಿಯಿಂದ ಮಾನವ ಜೀವನ ಮತ್ತು ಬದುಕನ್ನು ನಡೆಸಬಹುದು. ಎಲ್ಲಾ ಮೂಲ ಸಮಸ್ಯೆಗಳ ಪರಿಹಾರ ಗುರು ಮಾರ್ಗದರ್ಶನದಿಂದ ಆಗುತ್ತದೆ. ಗುರುವಿನ ಸ್ಮರಣೆ ಮಾನವ ಜೀವನಕ್ಕೆ ಪೂರಕವಾಗುತ್ತದೆ. ಪವಿತ್ರತೆ ಹಾಗೂ ಪ್ರಶಾಂತತೆ ಮಾದರಿ ಪೀಠಾಧಿಪತಿಗಳಾದ ಜಗದ್ಗುರು ಭಾರತಿ ತೀರ್ಥರು ವಿವಿಧ ಧಾರ್ಮಿಕ ಆಧ್ಯಾತ್ಮಿಕ ಅಭಿವೃದ್ಧಿ, ದೇವಾಲಯ ಅಭಿವೃದ್ಧಿ, ಗೋಪುರ ನಿರ್ಮಾಣ, ಆಧ್ಯಾತ್ಮದ, ಚಿಂತನೆಯನ್ನು ಸದ್ಭಕ್ತರಿಗೆ ಆಶೀರ್ವದಿಸಿ ಸನ್ಮಾರ್ಗದಲ್ಲಿ ನಡೆಯಲು ಸರ್ವರಿಗೂ ಮಾರ್ಗದರ್ಶನವಾಗಿದೆ ಎಂದರು. ಶಾರದಾ ಭಜನಾ ಮಂಡಳಿಯ ಕುಮಾರಿ ಋಗ್ವೇದಿ,ವತ್ಸಲ

ಮಾಧ್ಯಮ ಲೋಕದ ವಿಶ್ವಕೋಶ ಎಂದೇ ಚಿರಪರಿಚಿತರಾದ , ಬಹುಮುಖಿ ವ್ಯಕ್ತಿತ್ವದ, ಮಾಧ್ಯಮ ಕ್ಷೇತ್ರದಲ್ಲಿ ಸುದೀರ್ಘ 50ವರ್ಷಗಳ ನಿರಂತರ ಸೇವೆಗೈದ ಕುಲಪತಿ ಪ್ರೊ.ಬಿ.ಕೆ. ರವಿಯವರು ಅಮೆರಿಕ ದೇಶದ ಆಹ್ವಾನದ ಮೇರೆಗೆ ಅಲ್ಲಿನ ಪ್ರತಿಷ್ಠಿತ ವಿ.ವಿ.ಗಳಲ್ಲಿ ವಿದ್ಯಾರ್ಥಿಗಳನ್ನು ಉದ್ದೇಶಿಸಿ ಮಾತನಾಡಲು , ಸಂವಾದಿಸಲು , ಅರಿವು ಮೂಡಿಸಲು , ವಿಚಾರ ಮಂಡಿಸಲು ಪ್ರವಾಸ ಕೈಗೊಂಡಿದ್ದಾರೆ. ಬ್ರಿಡ್ಜ್ ವಾಟರ್ ವಿಶ್ವವಿದ್ಯಾಲಯ ಮತ್ತು ಇತರ ಗೌರವಾನ್ವಿತ ಶೈಕ್ಷಣಿಕ ಸಂಸ್ಥೆಗಳ ಆಹ್ವಾನದ ಮೇರೆಗೆ ಕೊಪ್ಪಳ ವಿಶ್ವವಿದ್ಯಾಲಯದ ಕುಲಪತಿ ಪ್ರೊ. ಬಿ. ಕೆ . ರವಿ ಅವರು ಏಪ್ರಿಲ್ 4 ರಿಂದ ಏಪ್ರಿಲ್ 15 ರವರೆಗೆ ಅಮೆರಿಕ ದೇಶದ ಆಹ್ವಾನದ ಮೇರೆಗೆ ಪ್ರವಾಸ ಕೈಗೊಂಡಿದ್ದಾರೆ. ಭೇಟಿಯ ಸಂದರ್ಭದಲ್ಲಿ, ಅವರು ಜಾಗತಿಕ ಮತ್ತು ಭಾರತೀಯ ದೃಷ್ಟಿಕೋನಗಳ ಕುರಿತು ಒಳನೋಟವುಳ್ಳ ಉಪನ್ಯಾಸ ನೀಡಲಿದ್ದಾರೆ. ಇದರಿಂದಾಗಿ ಎರಡು ದೇಶಗಳ ನಡುವೆ ಶೈಕ್ಷಣಿಕ ಸಂಬಂಧಗಳನ್ನು ಬಲಪಡಿಸುವ ನಿರೀಕ್ಷೆಯಿದೆ. ಮಾಧ್ಯಮ ಕ್ಷೇತ್ರದಲ್ಲಿ ಡಿಜಿಟಲ್ ಮಾಧ್ಯಮದ ಪ್ರಭಾವ ಹಾಗೂ ಭವಿಷ್ಯದ ಸವಾಲುಗಳ ಕುರಿತು ಮಾತನಾಡಲಿದ್ದಾರೆ. ಮಾಧ್ಯಮ ವೃತ್ತಿಪರರು ಹಾಗೂ ವಿದ್ಯಾರ್ಥಿಗಳ ಜೊತೆ ವಿಚಾರ ವಿನಿಮಯ ನಡೆಸಲಿದ್ದಾರೆ.

ಬ್ರಿಡ್ಜ್ ವಾಟರ್ ವಿ.ವಿ.ಆಹ್ವಾನದ ಮೇರೆಗೆ ಅಮೆರಿಕಾಕ್ಕೆ ಭೇಟಿ ನೀಡಲಿರುವ ಪ್ರೊ.ಬಿ.ಕೆ.ರವಿ
ಭಾರತೀಯ ಜ್ಞಾನ ವ್ಯವಸ್ಥೆ, ಸಂಸ್ಕೃತಿ, ಸಾಮಾಜಿಕ ನ್ಯಾಯ ಮತ್ತು ಸುಸ್ಥಿರತೆಯಂತಹ ವಿಷಯಗಳ ಕುರಿತು ಉಪನ್ಯಾಸ ನೀಡಲಿದ್ದು, ಅಮೆರಿಕದ ವಿವಿಧ ವಿಶ್ವವಿದ್ಯಾಲಯಗಳ ಪ್ರಾಧ್ಯಾಪಕರು, ಸಂಶೋಧಕರು ಹಾಗೂ ವಿದ್ಯಾರ್ಥಿಗಳೊಂದಿಗೆ ಸಂವಾದ ನಡೆಸಲಿದ್ದಾರೆ. ಅವರ ಈ ಭೇಟಿಯು ಕೊಪ್ಪಳ ವಿಶ್ವವಿದ್ಯಾಲಯ ಮತ್ತು ಅಮೆರಿಕದ ವಿಶ್ವವಿದ್ಯಾಲಯಗಳ ನಡುವೆ ಶೈಕ್ಷಣಿಕ ಒಡಂಬಡಿಕೆ ಮಾಡಿಕೊಳ್ಳಲು ಸಹಕಾರಿಯಾಗಲಿದೆ. ಭಾರತೀಯ ಮಾಧ್ಯಮ ಶಿಕ್ಷಣದ ಅನುಭವಗಳನ್ನು ಹಂಚಿಕೊಳ್ಳುವ ಜೊತೆಗೆ, ಅಲ್ಲಿನ ಉತ್ತಮ ಮಾದರಿಗಳನ್ನು ಅಳವಡಿಸಿಕೊಳ್ಳುವ ನಿಟ್ಟಿನಲ್ಲಿ ಈ ಪ್ರವಾಸ ಮಹತ್ವದ್ದಾಗಿದೆ. ವಿಶ್ವವಿದ್ಯಾಲಯ ಸ್ಥಾಪನೆಯಾದ ಅಲ್ಪ ಅವಧಿಯಲ್ಲಿಯೇ ಅಂತರರಾಷ್ಟ್ರೀಯ ಮಟ್ಟದಲ್ಲಿ ಗುರುತಿಸಿಕೊಳ್ಳುವ ಪ್ರಯತ್ನ ನಡೆಸುತ್ತಿರುವ ಪ್ರೊ.ಬಿ.ಕೆ.ರವಿ ಅವರಿಗೆ ಸಹೋದ್ಯೋಗಿಗಳು, ವಿದ್ಯಾರ್ಥಿಗಳು ಹಾಗೂ ಹಿತೈಷಿಗಳು ಶುಭ ಹಾರೈಸಿದ್ದಾರೆ.

ಅವರ ಭಾಗವಹಿಸುವಿಕೆಯು ಅಂತರ–ಸಾಂಸ್ಕೃತಿಕ ಕಲಿಕೆ, ಸಹಯೋಗದ ಸಂಶೋಧನಾ ಅವಕಾಶಗಳು ಮತ್ತು ಮಾಧ್ಯಮ ಮತ್ತು ಜ್ಞಾನ ವ್ಯವಸ್ಥೆಗಳ ವಿಕಸನಗೊಳ್ಳುತ್ತಿರುವ ಭೂದೃಶ್ಯದ ಕುರಿತು ಬೌದ್ಧಿಕ ಸಂವಾದಕ್ಕೆ ವೇದಿಕೆಯಾಗಿ ಪ್ರಾರಂಭವಾಗಿ ಕಾರ್ಯನಿರ್ವಹಿಸಲಿದೆ . ಜಾಗತೀಕರಣಗೊಂಡ ಜಗತ್ತಿನಲ್ಲಿ ಮಾಧ್ಯಮ ಚಲನಶೀಲತೆ, ಪ್ರಜಾಪ್ರಭುತ್ವ ಸಂಸ್ಥೆಗಳು ಮತ್ತು ಭಾರತದ ಬೌದ್ಧಿಕ ಪರಂಪರೆಯ ಆಳವಾದ ತಿಳುವಳಿಕೆಗೆ ಕೊಡುಗೆ ನೀಡುವ ನಿರೀಕ್ಷೆಯಿರುವ ಪ್ರೊ. ಬಿ.ಕೆ. ರವಿ ಅವರ ಒಳನೋಟಗಳನ್ನು ಶೈಕ್ಷಣಿಕ ವಲಯ ಕುತೂಹಲದಿಂದ ನಿರೀಕ್ಷಿಸುತ್ತಿದೆ. ಪ್ರೊ.ಬಿ.ಕೆ.ರವಿ ಅವರು ಮಾಧ್ಯಮ ಕ್ಷೇತ್ರದಲ್ಲಿ ಸಾಕಷ್ಟು ದುಡಿದಿದ್ದಾರೆ. ಅಪಾರ ಸಂಖ್ಯೆಯಲ್ಲಿ ಶಿಷ್ಯ ಬಳಗವನ್ನು ಹೊಂದಿರುವ ಇವರು ಮಾಧ್ಯಮ ಕ್ಷೇತ್ರದಲ್ಲಿ ಸಾಮಾಜಿಕ ಪ್ರಜ್ಞೆಯನ್ನು ಒಡ ಮೂಡಿಸಿದ್ದಾರೆ. ಸಾಕಷ್ಟು ಸಂಖ್ಯೆಯಲ್ಲಿ ಬಹುಮೌಲ್ಯವಾದ ಪುಸ್ತಕಗಳನ್ನು ಬರೆದಿದ್ದಾರೆ. ಹಲವು ಪ್ರಶಸ್ತಿಗಳನ್ನು ಪಡೆದಿರುವ ಇವರು ಶಿಕ್ಷಣ ಕ್ಷೇತ್ರದಲ್ಲಿ ಹೊಸ ಆಯಾಮ ನೀಡಿದ್ದಾರೆ. ಇವರ ಅಮೆರಿಕ ಪ್ರವಾಸ ಯಶಸ್ವಿಯಾಗಲಿ ಎಂದು ಹಲವರು ಶುಭಹಾರೈಸಿದ್ದಾರೆ.
